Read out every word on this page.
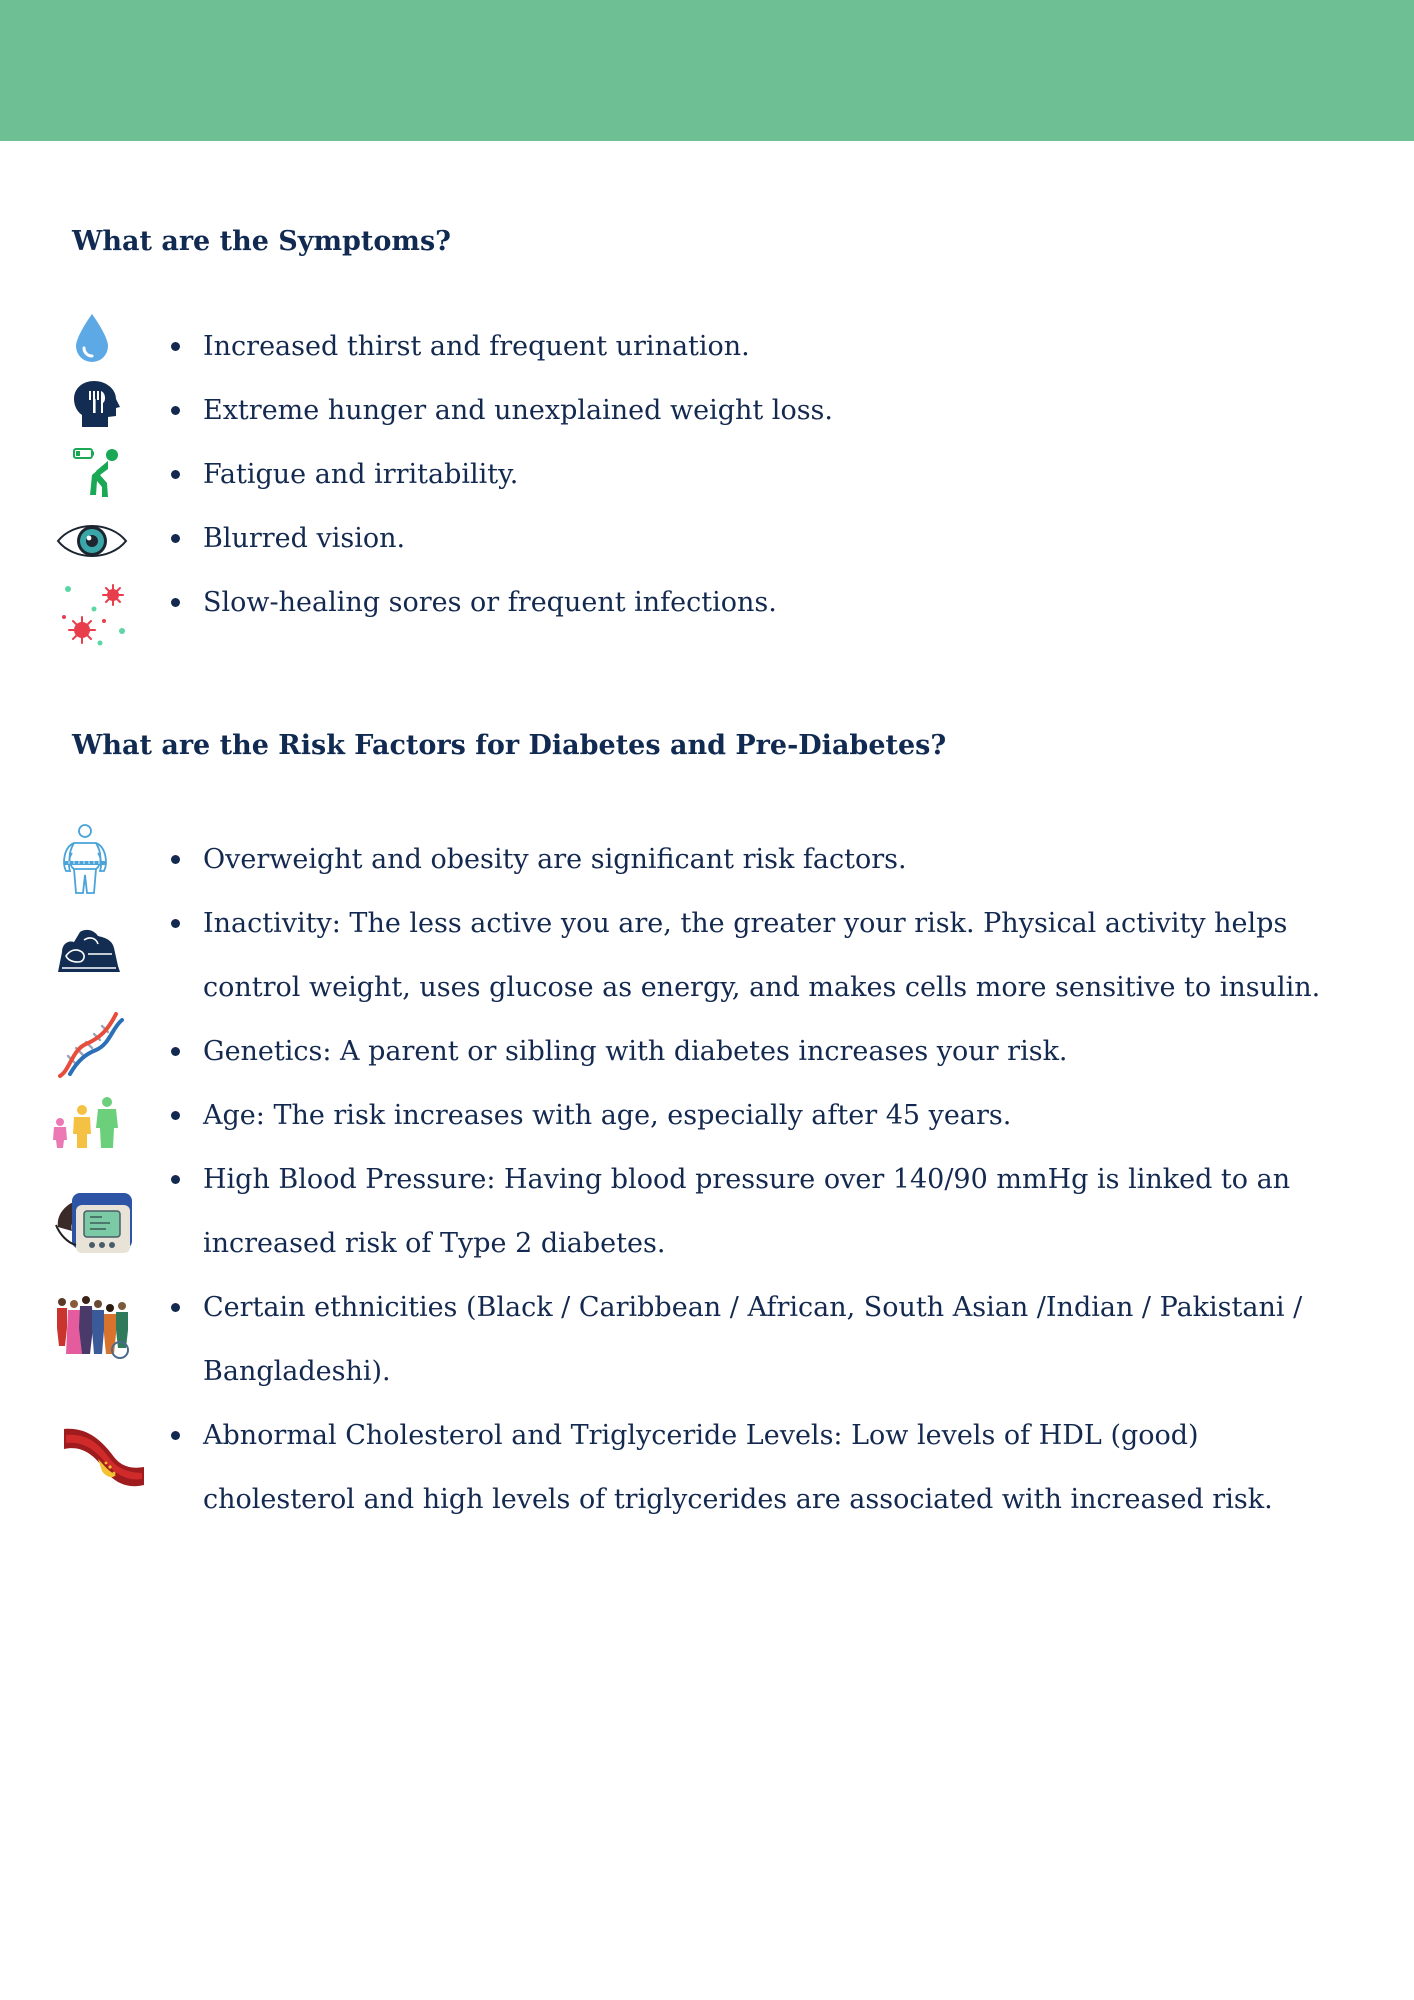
What are the Symptoms?
Increased thirst and frequent urination.
Extreme hunger and unexplained weight loss.
Fatigue and irritability.
Blurred vision.
Slow-healing sores or frequent infections.
What are the Risk Factors for Diabetes and Pre-Diabetes?
Overweight and obesity are significant risk factors.
Inactivity: The less active you are, the greater your risk. Physical activity helps control weight, uses glucose as energy, and makes cells more sensitive to insulin.
Genetics: A parent or sibling with diabetes increases your risk.
Age: The risk increases with age, especially after 45 years.
High Blood Pressure: Having blood pressure over 140/90 mmHg is linked to an increased risk of Type 2 diabetes.
Certain ethnicities (Black / Caribbean / African, South Asian /Indian / Pakistani / Bangladeshi).
Abnormal Cholesterol and Triglyceride Levels: Low levels of HDL (good) cholesterol and high levels of triglycerides are associated with increased risk.
